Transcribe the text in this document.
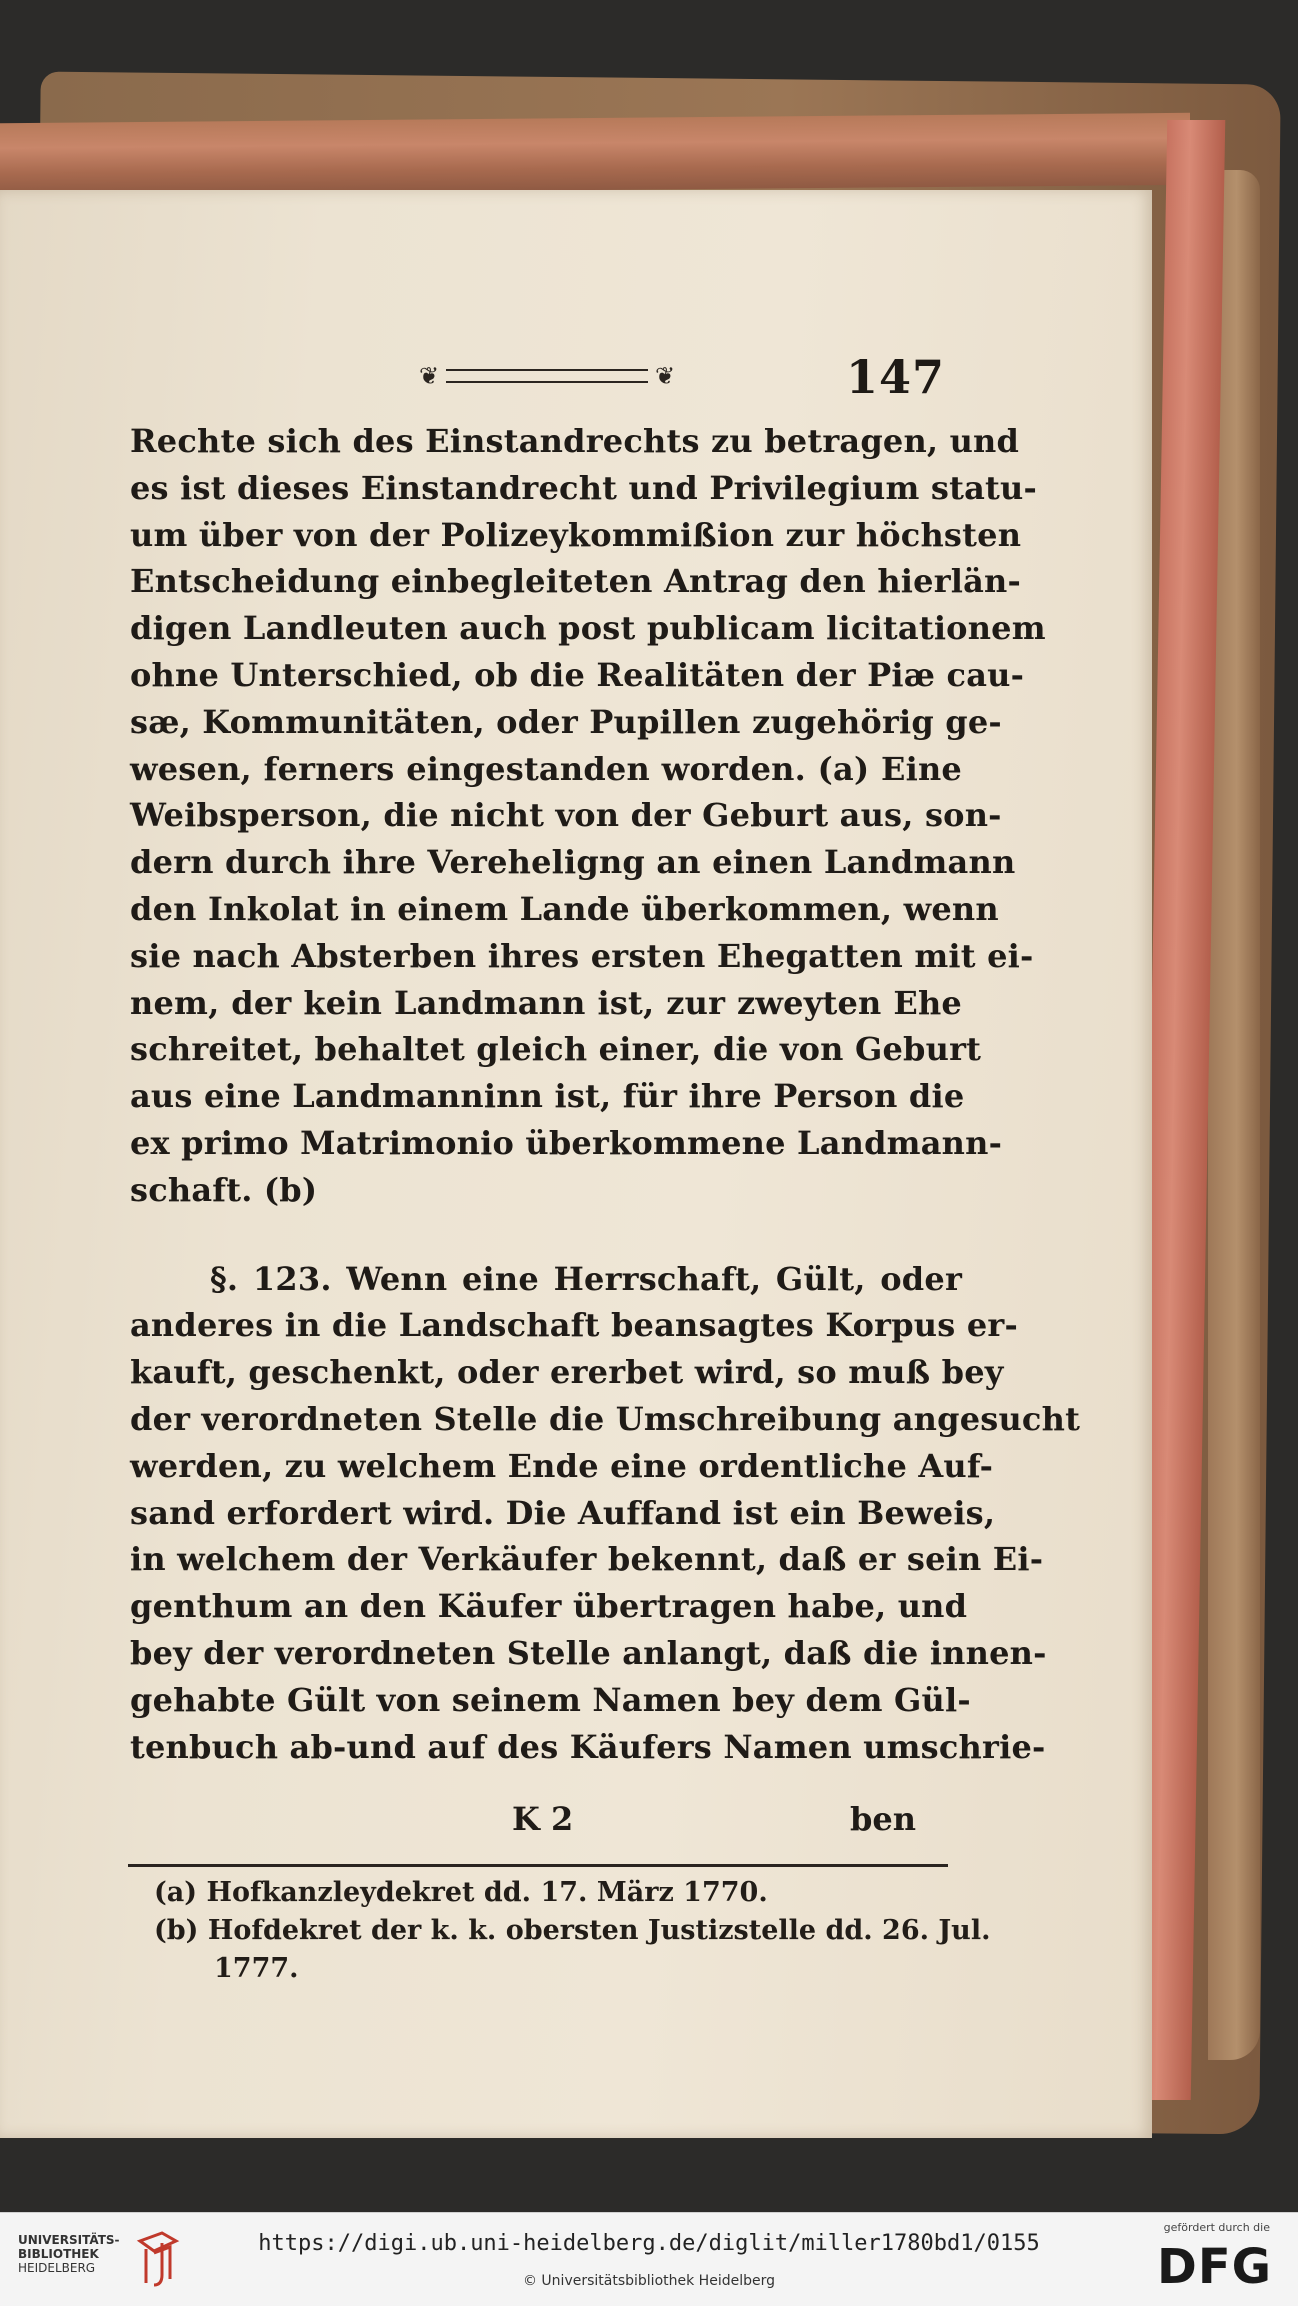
❦	❦	147
Rechte sich des Einstandrechts zu betragen, und
es ist dieses Einstandrecht und Privilegium statu-
um über von der Polizeykommißion zur höchsten
Entscheidung einbegleiteten Antrag den hierlän-
digen Landleuten auch post publicam licitationem
ohne Unterschied, ob die Realitäten der Piæ cau-
sæ, Kommunitäten, oder Pupillen zugehörig ge-
wesen, ferners eingestanden worden. (a) Eine
Weibsperson, die nicht von der Geburt aus, son-
dern durch ihre Vereheligng an einen Landmann
den Inkolat in einem Lande überkommen, wenn
sie nach Absterben ihres ersten Ehegatten mit ei-
nem, der kein Landmann ist, zur zweyten Ehe
schreitet, behaltet gleich einer, die von Geburt
aus eine Landmanninn ist, für ihre Person die
ex primo Matrimonio überkommene Landmann-
schaft. (b)
§. 123. Wenn eine Herrschaft, Gült, oder
anderes in die Landschaft beansagtes Korpus er-
kauft, geschenkt, oder ererbet wird, so muß bey
der verordneten Stelle die Umschreibung angesucht
werden, zu welchem Ende eine ordentliche Auf-
sand erfordert wird. Die Auffand ist ein Beweis,
in welchem der Verkäufer bekennt, daß er sein Ei-
genthum an den Käufer übertragen habe, und
bey der verordneten Stelle anlangt, daß die innen-
gehabte Gült von seinem Namen bey dem Gül-
tenbuch ab-und auf des Käufers Namen umschrie-
K 2	ben
(a) Hofkanzleydekret dd. 17. März 1770.
(b) Hofdekret der k. k. obersten Justizstelle dd. 26. Jul.
1777.
UNIVERSITÄTS-
BIBLIOTHEK
HEIDELBERG
https://digi.ub.uni-heidelberg.de/diglit/miller1780bd1/0155
© Universitätsbibliothek Heidelberg
gefördert durch die
DFG
